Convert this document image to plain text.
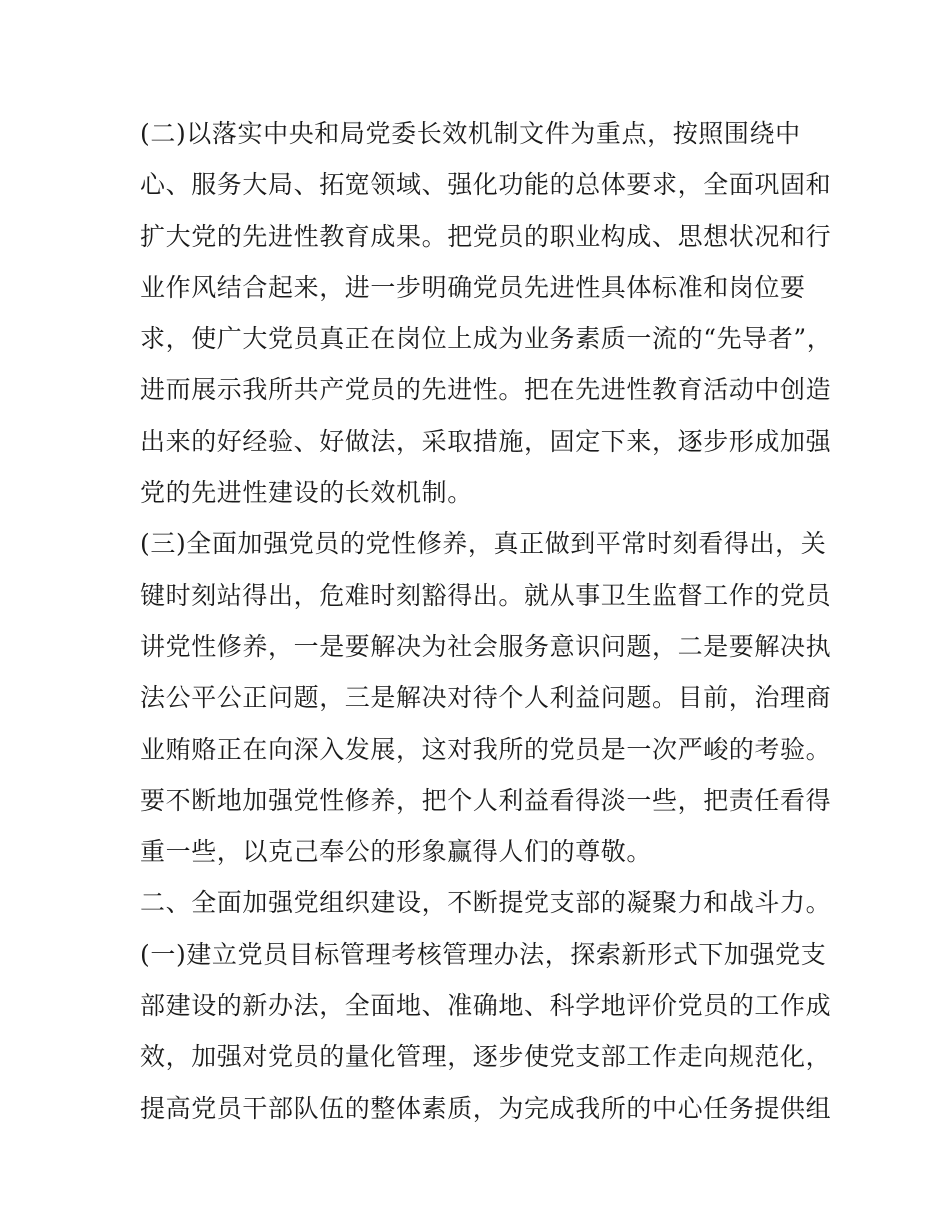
(二)以落实中央和局党委长效机制文件为重点，按照围绕中
心、服务大局、拓宽领域、强化功能的总体要求，全面巩固和
扩大党的先进性教育成果。把党员的职业构成、思想状况和行
业作风结合起来，进一步明确党员先进性具体标准和岗位要
求，使广大党员真正在岗位上成为业务素质一流的“先导者”，
进而展示我所共产党员的先进性。把在先进性教育活动中创造
出来的好经验、好做法，采取措施，固定下来，逐步形成加强
党的先进性建设的长效机制。
(三)全面加强党员的党性修养，真正做到平常时刻看得出，关
键时刻站得出，危难时刻豁得出。就从事卫生监督工作的党员
讲党性修养，一是要解决为社会服务意识问题，二是要解决执
法公平公正问题，三是解决对待个人利益问题。目前，治理商
业贿赂正在向深入发展，这对我所的党员是一次严峻的考验。
要不断地加强党性修养，把个人利益看得淡一些，把责任看得
重一些，以克己奉公的形象赢得人们的尊敬。
二、全面加强党组织建设，不断提党支部的凝聚力和战斗力。
(一)建立党员目标管理考核管理办法，探索新形式下加强党支
部建设的新办法，全面地、准确地、科学地评价党员的工作成
效，加强对党员的量化管理，逐步使党支部工作走向规范化，
提高党员干部队伍的整体素质，为完成我所的中心任务提供组
